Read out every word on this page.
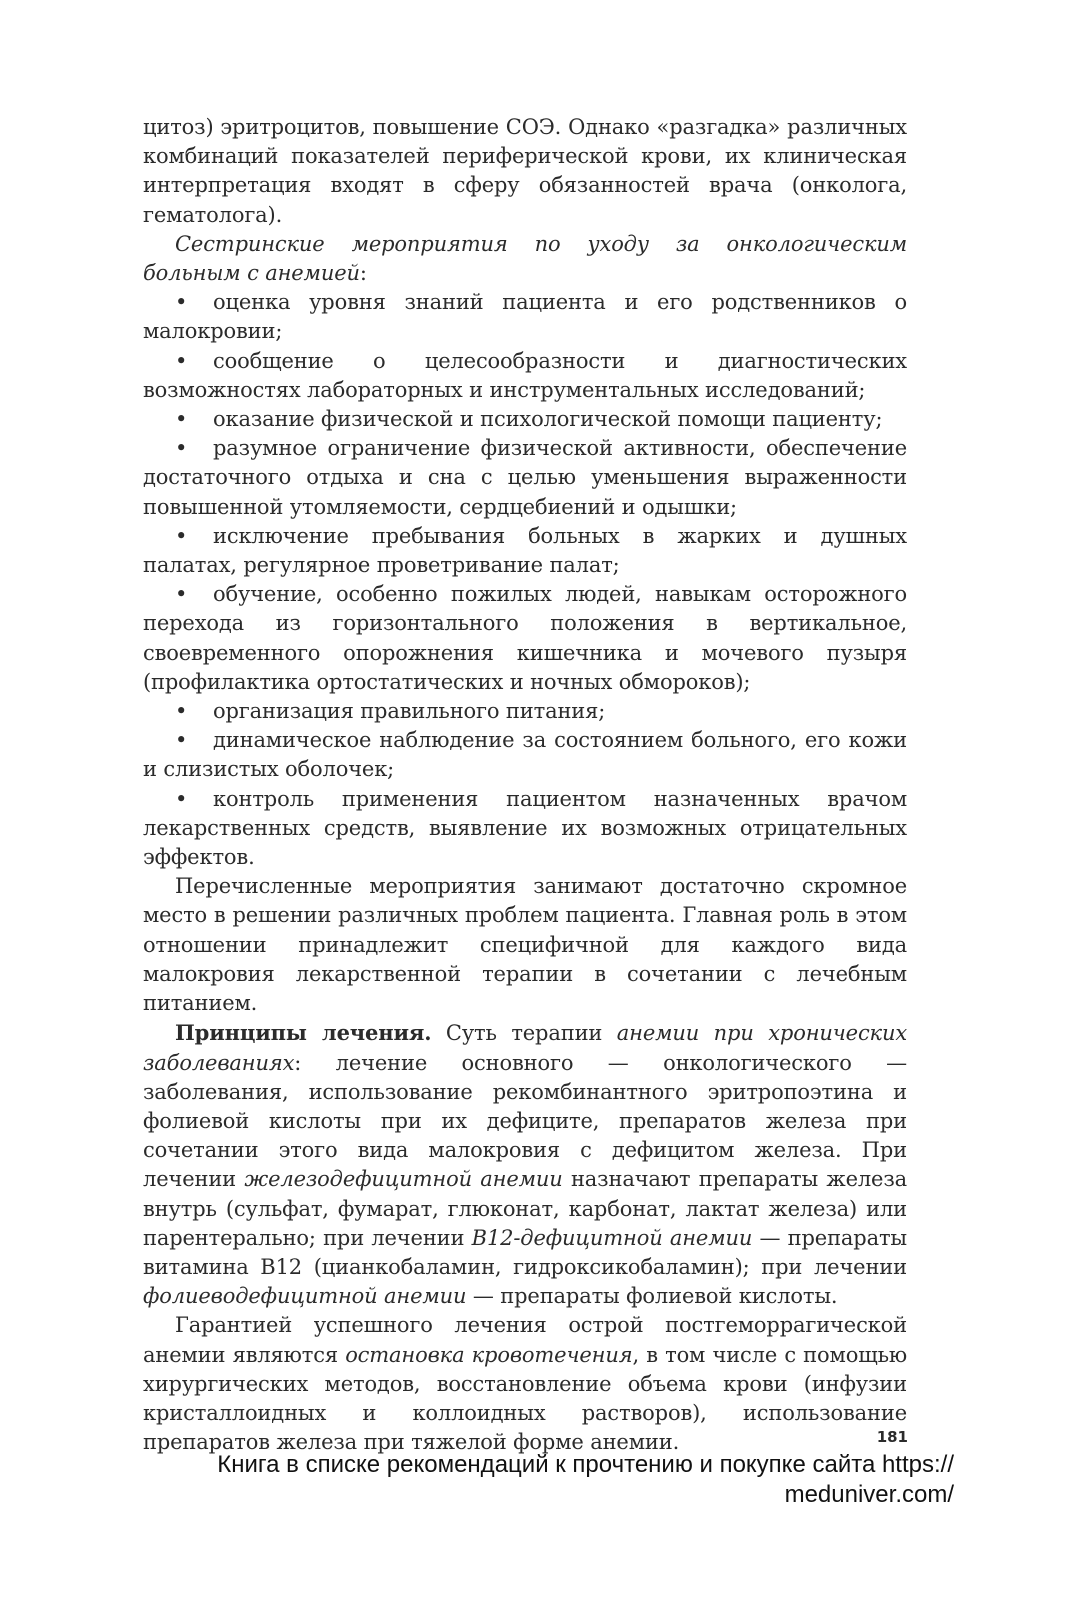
цитоз) эритроцитов, повышение СОЭ. Однако «разгадка» различных комбинаций показателей периферической крови, их клиническая интерпретация входят в сферу обязанностей врача (онколога, гематолога).

Сестринские мероприятия по уходу за онкологическим больным с анемией:

• оценка уровня знаний пациента и его родственников о малокровии;
• сообщение о целесообразности и диагностических возможностях лабораторных и инструментальных исследований;
• оказание физической и психологической помощи пациенту;
• разумное ограничение физической активности, обеспечение достаточного отдыха и сна с целью уменьшения выраженности повышенной утомляемости, сердцебиений и одышки;
• исключение пребывания больных в жарких и душных палатах, регулярное проветривание палат;
• обучение, особенно пожилых людей, навыкам осторожного перехода из горизонтального положения в вертикальное, своевременного опорожнения кишечника и мочевого пузыря (профилактика ортостатических и ночных обмороков);
• организация правильного питания;
• динамическое наблюдение за состоянием больного, его кожи и слизистых оболочек;
• контроль применения пациентом назначенных врачом лекарственных средств, выявление их возможных отрицательных эффектов.

Перечисленные мероприятия занимают достаточно скромное место в решении различных проблем пациента. Главная роль в этом отношении принадлежит специфичной для каждого вида малокровия лекарственной терапии в сочетании с лечебным питанием.

Принципы лечения. Суть терапии анемии при хронических заболеваниях: лечение основного — онкологического — заболевания, использование рекомбинантного эритропоэтина и фолиевой кислоты при их дефиците, препаратов железа при сочетании этого вида малокровия с дефицитом железа. При лечении железодефицитной анемии назначают препараты железа внутрь (сульфат, фумарат, глюконат, карбонат, лактат железа) или парентерально; при лечении В12-дефицитной анемии — препараты витамина В12 (цианкобаламин, гидроксикобаламин); при лечении фолиеводефицитной анемии — препараты фолиевой кислоты.

Гарантией успешного лечения острой постгеморрагической анемии являются остановка кровотечения, в том числе с помощью хирургических методов, восстановление объема крови (инфузии кристаллоидных и коллоидных растворов), использование препаратов железа при тяжелой форме анемии.	181
Книга в списке рекомендаций к прочтению и покупке сайта https://
meduniver.com/
